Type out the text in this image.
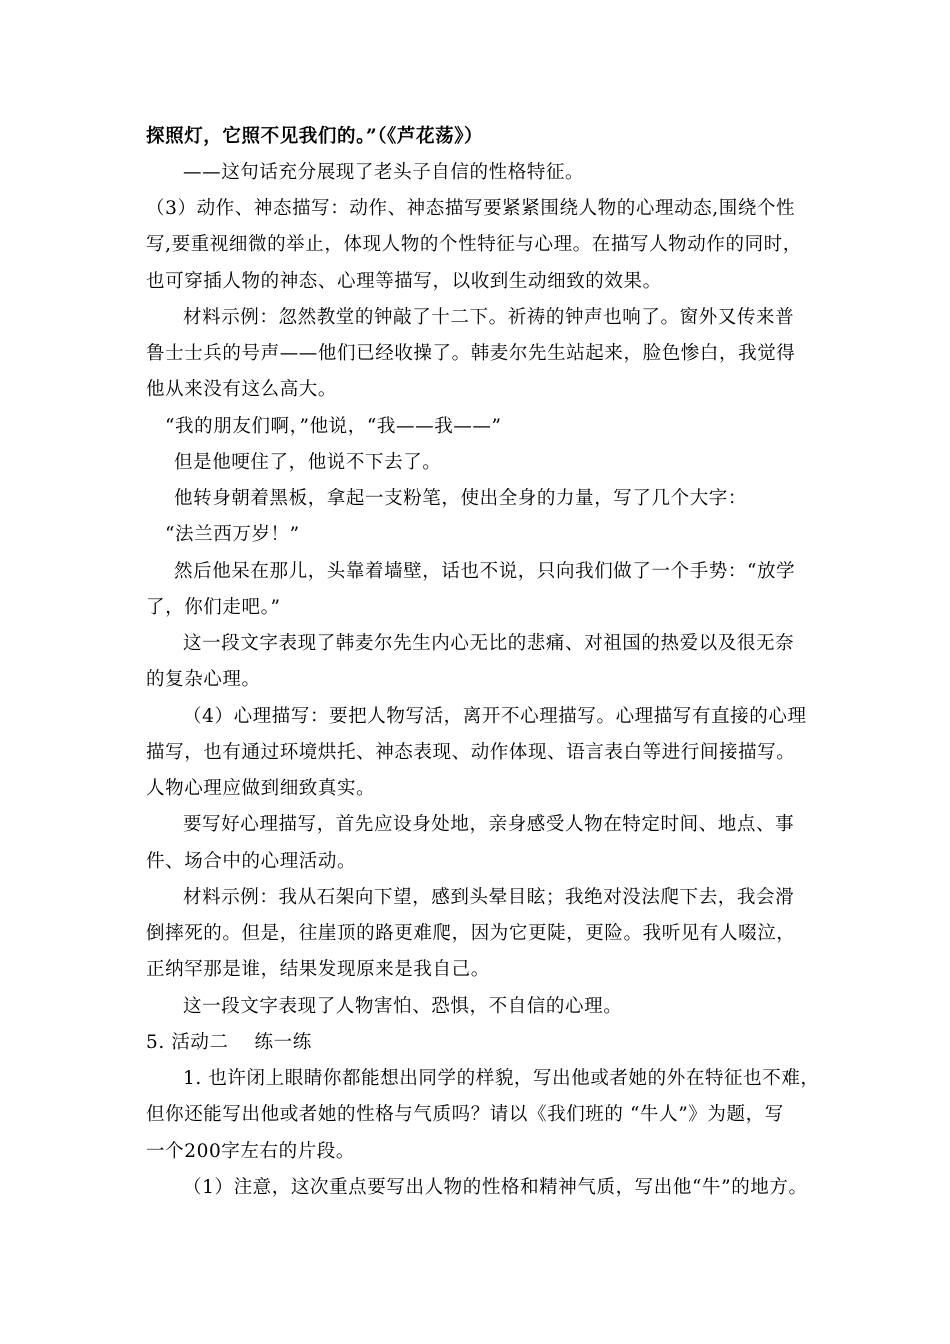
探照灯，它照不见我们的。”（《芦花荡》）
——这句话充分展现了老头子自信的性格特征。
（3）动作、神态描写：动作、神态描写要紧紧围绕人物的心理动态,围绕个性
写,要重视细微的举止，体现人物的个性特征与心理。在描写人物动作的同时，
也可穿插人物的神态、心理等描写，以收到生动细致的效果。
材料示例：忽然教堂的钟敲了十二下。祈祷的钟声也响了。窗外又传来普
鲁士士兵的号声——他们已经收操了。韩麦尔先生站起来，脸色惨白，我觉得
他从来没有这么高大。
“我的朋友们啊，”他说，“我——我——”
但是他哽住了，他说不下去了。
他转身朝着黑板，拿起一支粉笔，使出全身的力量，写了几个大字：
“法兰西万岁！”
然后他呆在那儿，头靠着墙壁，话也不说，只向我们做了一个手势：“放学
了，你们走吧。”
这一段文字表现了韩麦尔先生内心无比的悲痛、对祖国的热爱以及很无奈
的复杂心理。
（4）心理描写：要把人物写活，离开不心理描写。心理描写有直接的心理
描写，也有通过环境烘托、神态表现、动作体现、语言表白等进行间接描写。
人物心理应做到细致真实。
要写好心理描写，首先应设身处地，亲身感受人物在特定时间、地点、事
件、场合中的心理活动。
材料示例：我从石架向下望，感到头晕目眩；我绝对没法爬下去，我会滑
倒摔死的。但是，往崖顶的路更难爬，因为它更陡，更险。我听见有人啜泣，
正纳罕那是谁，结果发现原来是我自己。
这一段文字表现了人物害怕、恐惧，不自信的心理。
5. 活动二    练一练
1. 也许闭上眼睛你都能想出同学的样貌，写出他或者她的外在特征也不难，
但你还能写出他或者她的性格与气质吗？请以《我们班的 “牛人”》为题，写
一个200字左右的片段。
（1）注意，这次重点要写出人物的性格和精神气质，写出他“牛”的地方。
